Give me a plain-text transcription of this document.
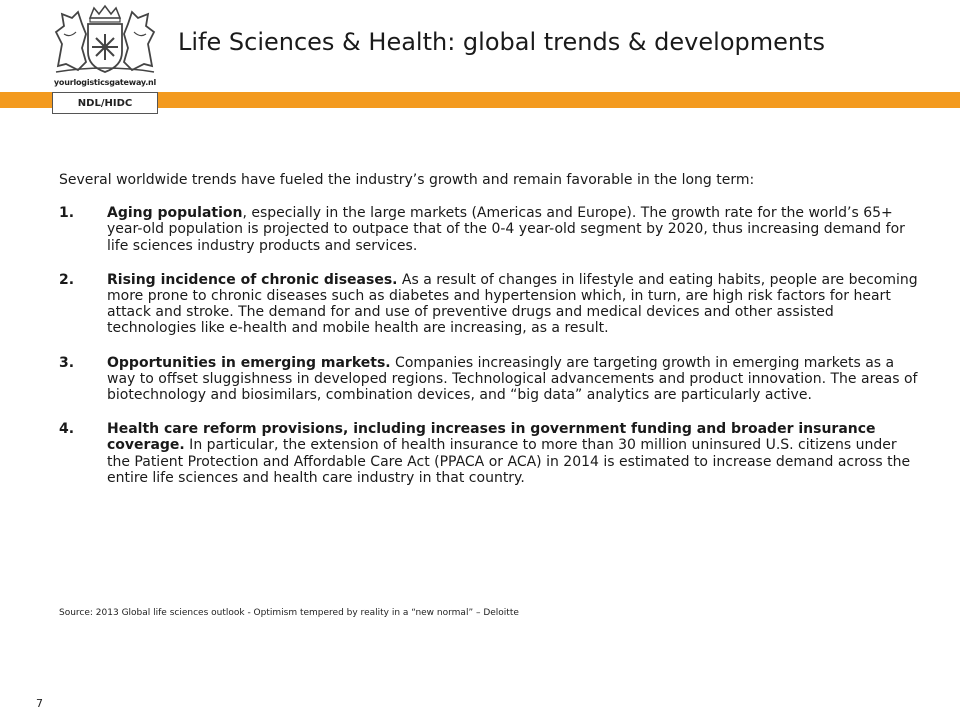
yourlogisticsgateway.nl
NDL/HIDC
Life Sciences & Health: global trends & developments

Several worldwide trends have fueled the industry’s growth and remain favorable in the long term:

1.	Aging population, especially in the large markets (Americas and Europe). The growth rate for the world’s 65+ year-old population is projected to outpace that of the 0-4 year-old segment by 2020, thus increasing demand for life sciences industry products and services.
2.	Rising incidence of chronic diseases. As a result of changes in lifestyle and eating habits, people are becoming more prone to chronic diseases such as diabetes and hypertension which, in turn, are high risk factors for heart attack and stroke. The demand for and use of preventive drugs and medical devices and other assisted technologies like e-health and mobile health are increasing, as a result.
3.	Opportunities in emerging markets. Companies increasingly are targeting growth in emerging markets as a way to offset sluggishness in developed regions. Technological advancements and product innovation. The areas of biotechnology and biosimilars, combination devices, and “big data” analytics are particularly active.
4.	Health care reform provisions, including increases in government funding and broader insurance coverage. In particular, the extension of health insurance to more than 30 million uninsured U.S. citizens under the Patient Protection and Affordable Care Act (PPACA or ACA) in 2014 is estimated to increase demand across the entire life sciences and health care industry in that country.
Source: 2013 Global life sciences outlook - Optimism tempered by reality in a “new normal” – Deloitte
7
